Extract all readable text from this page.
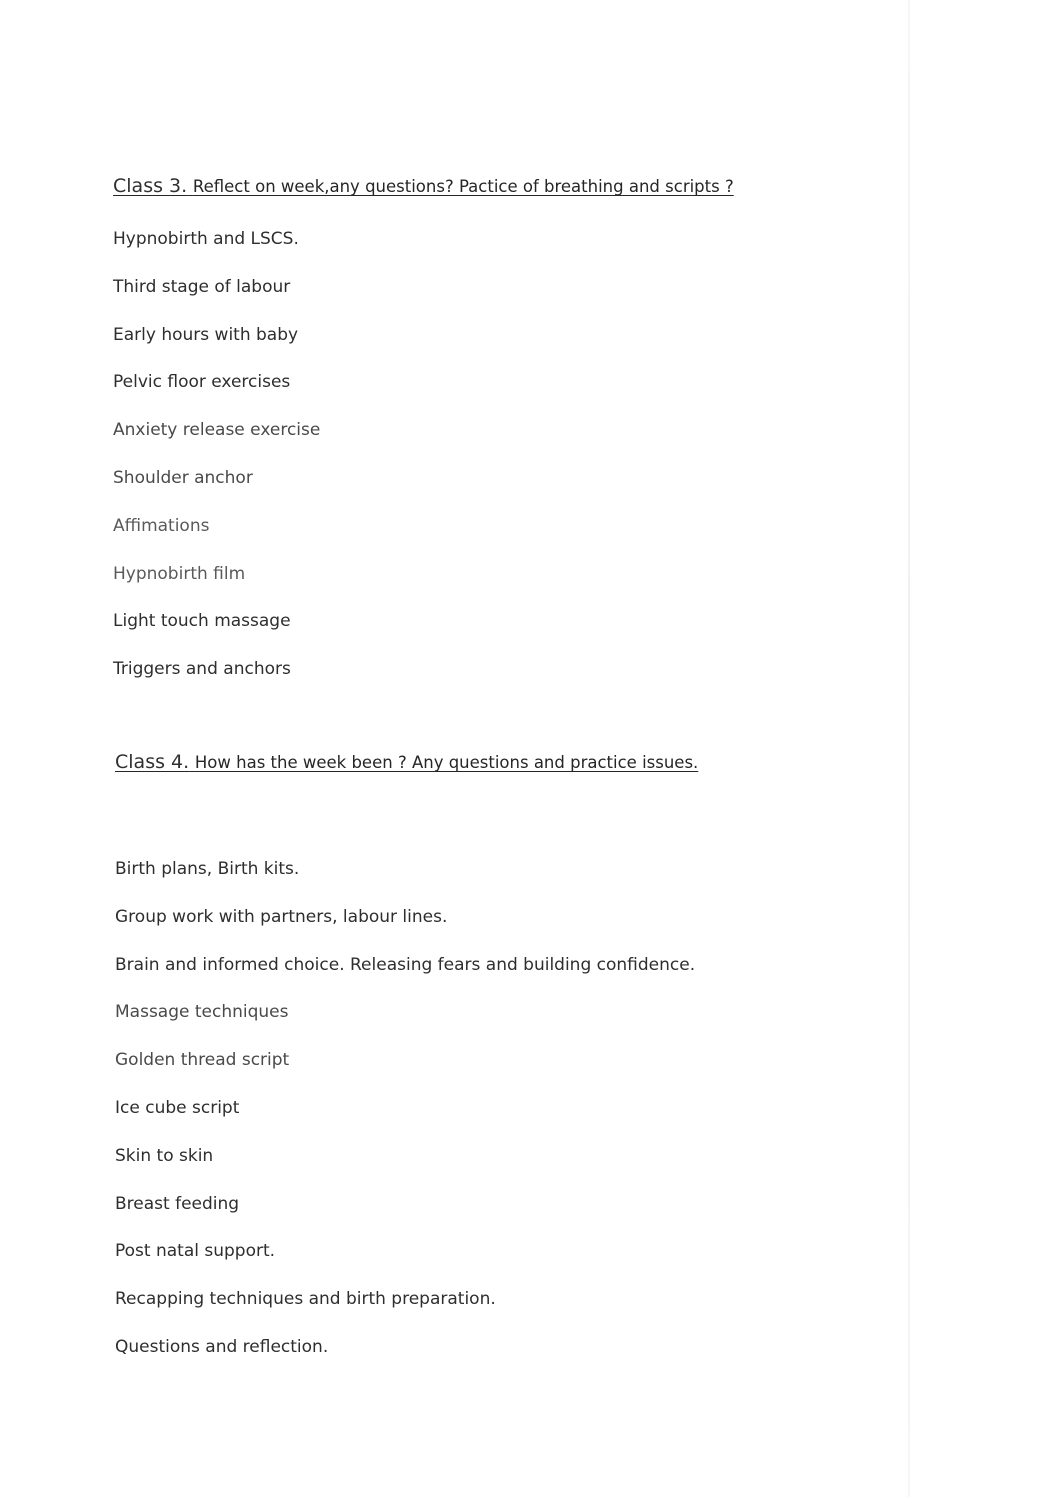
Class 3. Reflect on week,any questions? Pactice of breathing and scripts ?
Hypnobirth and LSCS.
Third stage of labour
Early hours with baby
Pelvic floor exercises
Anxiety release exercise
Shoulder anchor
Affimations
Hypnobirth film
Light touch massage
Triggers and anchors
Class 4. How has the week been ? Any questions and practice issues.
Birth plans, Birth kits.
Group work with partners, labour lines.
Brain and informed choice. Releasing fears and building confidence.
Massage techniques
Golden thread script
Ice cube script
Skin to skin
Breast feeding
Post natal support.
Recapping techniques and birth preparation.
Questions and reflection.
